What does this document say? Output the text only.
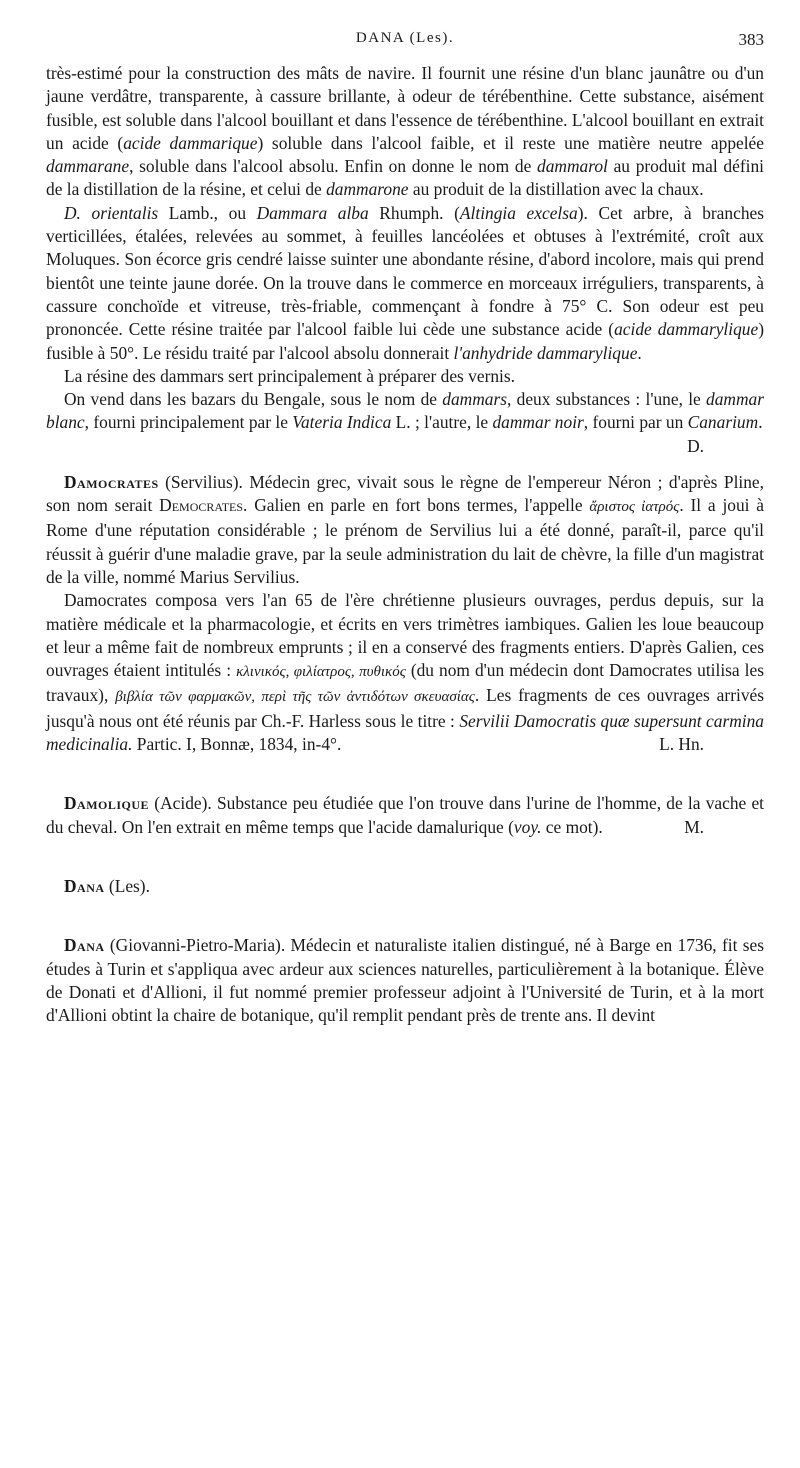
DANA (Les).	383

très-estimé pour la construction des mâts de navire. Il fournit une résine d'un blanc jaunâtre ou d'un jaune verdâtre, transparente, à cassure brillante, à odeur de térébenthine. Cette substance, aisément fusible, est soluble dans l'alcool bouillant et dans l'essence de térébenthine. L'alcool bouillant en extrait un acide (acide dammarique) soluble dans l'alcool faible, et il reste une matière neutre appelée dammarane, soluble dans l'alcool absolu. Enfin on donne le nom de dammarol au produit mal défini de la distillation de la résine, et celui de dammarone au produit de la distillation avec la chaux.

D. orientalis Lamb., ou Dammara alba Rhumph. (Altingia excelsa). Cet arbre, à branches verticillées, étalées, relevées au sommet, à feuilles lancéolées et obtuses à l'extrémité, croît aux Moluques. Son écorce gris cendré laisse suinter une abondante résine, d'abord incolore, mais qui prend bientôt une teinte jaune dorée. On la trouve dans le commerce en morceaux irréguliers, transparents, à cassure conchoïde et vitreuse, très-friable, commençant à fondre à 75° C. Son odeur est peu prononcée. Cette résine traitée par l'alcool faible lui cède une substance acide (acide dammarylique) fusible à 50°. Le résidu traité par l'alcool absolu donnerait l'anhydride dammarylique.

La résine des dammars sert principalement à préparer des vernis.

On vend dans les bazars du Bengale, sous le nom de dammars, deux substances : l'une, le dammar blanc, fourni principalement par le Vateria Indica L. ; l'autre, le dammar noir, fourni par un Canarium.
D.

Damocrates (Servilius). Médecin grec, vivait sous le règne de l'empereur Néron ; d'après Pline, son nom serait Democrates. Galien en parle en fort bons termes, l'appelle ἄριστος ἰατρός. Il a joui à Rome d'une réputation considérable ; le prénom de Servilius lui a été donné, paraît-il, parce qu'il réussit à guérir d'une maladie grave, par la seule administration du lait de chèvre, la fille d'un magistrat de la ville, nommé Marius Servilius.

Damocrates composa vers l'an 65 de l'ère chrétienne plusieurs ouvrages, perdus depuis, sur la matière médicale et la pharmacologie, et écrits en vers trimètres iambiques. Galien les loue beaucoup et leur a même fait de nombreux emprunts ; il en a conservé des fragments entiers. D'après Galien, ces ouvrages étaient intitulés : κλινικός, φιλίατρος, πυθικός (du nom d'un médecin dont Damocrates utilisa les travaux), βιβλία τῶν φαρμακῶν, περὶ τῆς τῶν ἀντιδότων σκευασίας. Les fragments de ces ouvrages arrivés jusqu'à nous ont été réunis par Ch.-F. Harless sous le titre : Servilii Damocratis quæ supersunt carmina medicinalia. Partic. I, Bonnæ, 1834, in-4°.	L. Hn.

Damolique (Acide). Substance peu étudiée que l'on trouve dans l'urine de l'homme, de la vache et du cheval. On l'en extrait en même temps que l'acide damalurique (voy. ce mot).	M.

Dana (Les).

Dana (Giovanni-Pietro-Maria). Médecin et naturaliste italien distingué, né à Barge en 1736, fit ses études à Turin et s'appliqua avec ardeur aux sciences naturelles, particulièrement à la botanique. Élève de Donati et d'Allioni, il fut nommé premier professeur adjoint à l'Université de Turin, et à la mort d'Allioni obtint la chaire de botanique, qu'il remplit pendant près de trente ans. Il devint
